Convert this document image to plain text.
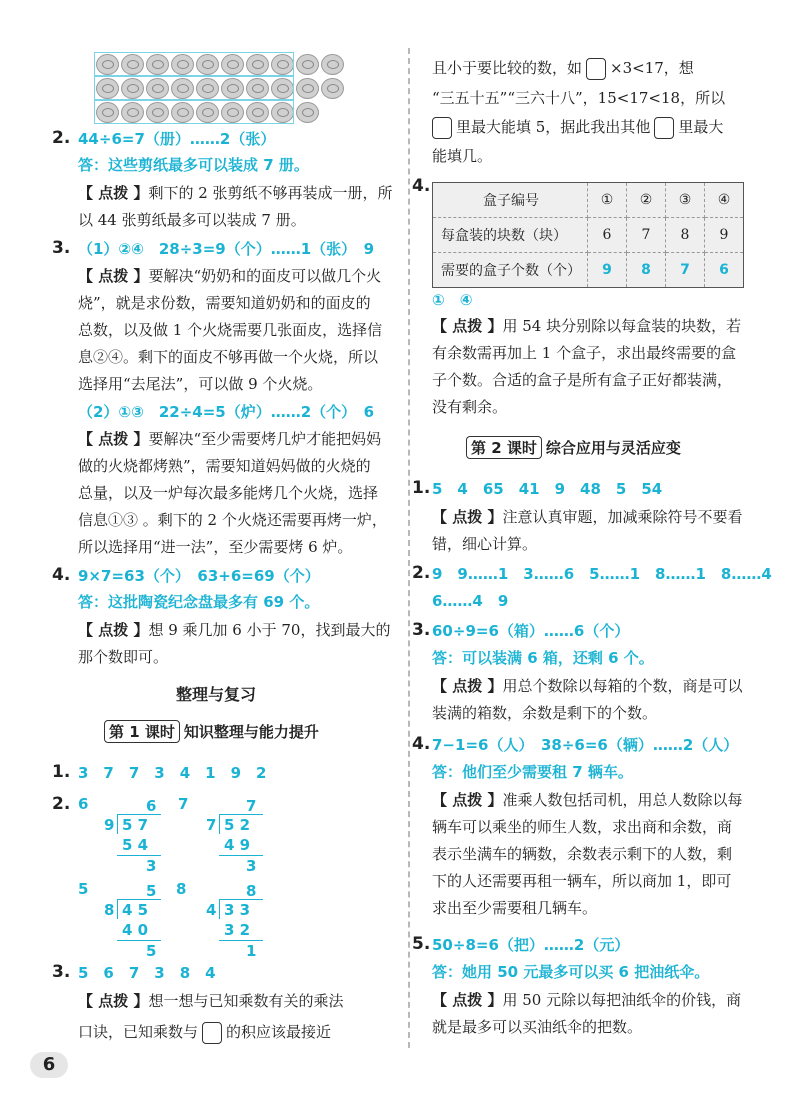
2. 44÷6=7（册）……2（张）
答：这些剪纸最多可以装成 7 册。
【 点拨 】剩下的 2 张剪纸不够再装成一册，所
以 44 张剪纸最多可以装成 7 册。
3. （1）②④　28÷3=9（个）……1（张）　9
【 点拨 】要解决“奶奶和的面皮可以做几个火
烧”，就是求份数，需要知道奶奶和的面皮的
总数，以及做 1 个火烧需要几张面皮，选择信
息②④。剩下的面皮不够再做一个火烧，所以
选择用“去尾法”，可以做 9 个火烧。
（2）①③　22÷4=5（炉）……2（个）　6
【 点拨 】要解决“至少需要烤几炉才能把妈妈
做的火烧都烤熟”，需要知道妈妈做的火烧的
总量，以及一炉每次最多能烤几个火烧，选择
信息①③ 。剩下的 2 个火烧还需要再烤一炉，
所以选择用“进一法”，至少需要烤 6 炉。
4. 9×7=63（个）　63+6=69（个）
答：这批陶瓷纪念盘最多有 69 个。
【 点拨 】想 9 乘几加 6 小于 70，找到最大的
那个数即可。
整理与复习
第 1 课时 知识整理与能力提升
1. 3　7　7　3　4　1　9　2
2. 6	7
6
9 5 7
5 4
3
7
7 5 2
4 9
3
5	8
5
8 4 5
4 0
5
8
4 3 3
3 2
1
3. 5　6　7　3　8　4
【 点拨 】想一想与已知乘数有关的乘法
口诀，已知乘数与 的积应该最接近
且小于要比较的数，如 ×3<17，想
“三五十五”“三六十八”，15<17<18，所以
里最大能填 5，据此我出其他 里最大
能填几。
4.
盒子编号	①	②	③	④
每盒装的块数（块）	6	7	8	9
需要的盒子个数（个）	9	8	7	6
①　④
【 点拨 】用 54 块分别除以每盒装的块数，若
有余数需再加上 1 个盒子，求出最终需要的盒
子个数。合适的盒子是所有盒子正好都装满，
没有剩余。
第 2 课时 综合应用与灵活应变
1. 5　4　65　41　9　48　5　54
【 点拨 】注意认真审题，加减乘除符号不要看
错，细心计算。
2. 9　9……1　3……6　5……1　8……1　8……4
6……4　9
3. 60÷9=6（箱）……6（个）
答：可以装满 6 箱，还剩 6 个。
【 点拨 】用总个数除以每箱的个数，商是可以
装满的箱数，余数是剩下的个数。
4. 7−1=6（人）　38÷6=6（辆）……2（人）
答：他们至少需要租 7 辆车。
【 点拨 】准乘人数包括司机，用总人数除以每
辆车可以乘坐的师生人数，求出商和余数，商
表示坐满车的辆数，余数表示剩下的人数，剩
下的人还需要再租一辆车，所以商加 1，即可
求出至少需要租几辆车。
5. 50÷8=6（把）……2（元）
答：她用 50 元最多可以买 6 把油纸伞。
【 点拨 】用 50 元除以每把油纸伞的价钱，商
就是最多可以买油纸伞的把数。
6
